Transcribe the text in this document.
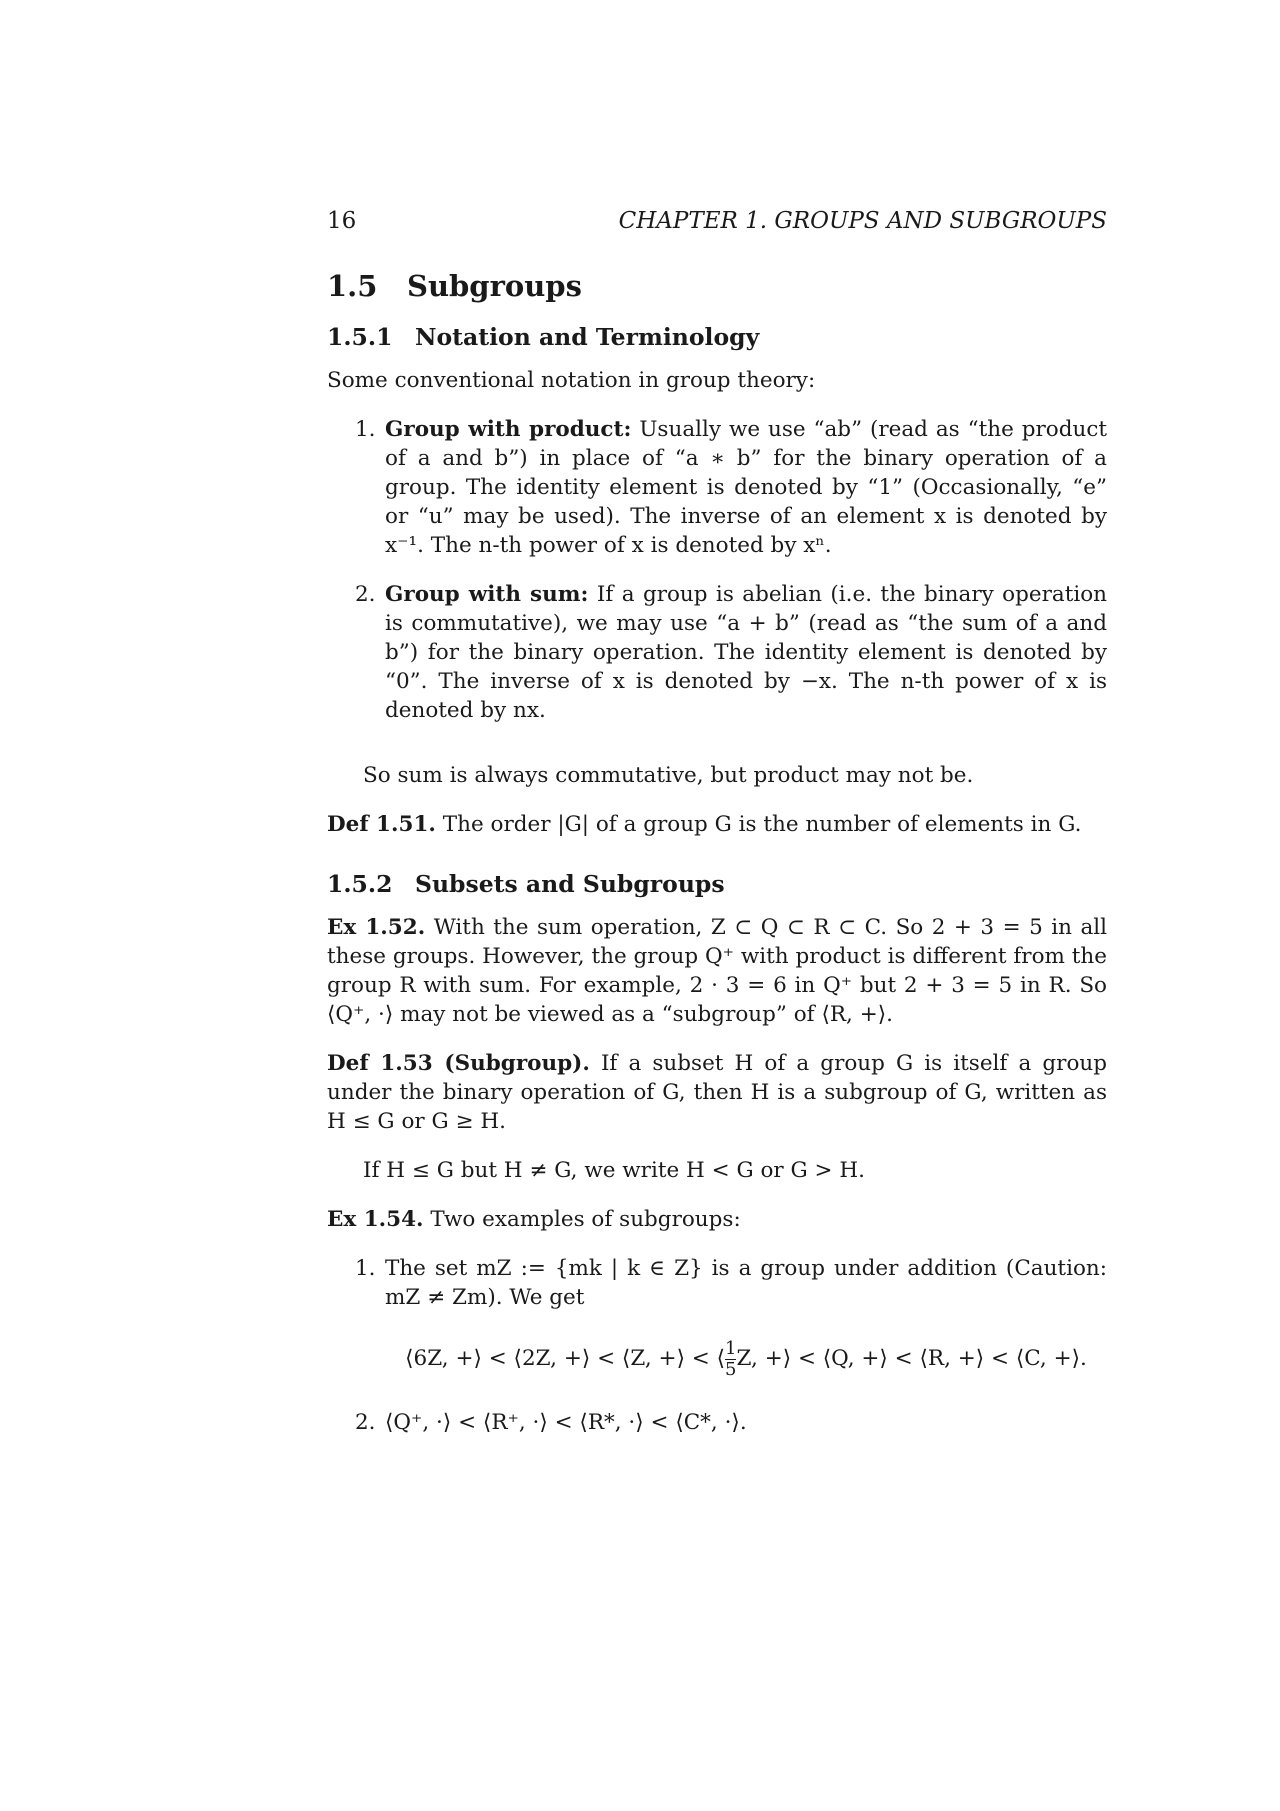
16	CHAPTER 1. GROUPS AND SUBGROUPS
1.5 Subgroups
1.5.1 Notation and Terminology

Some conventional notation in group theory:

1. Group with product: Usually we use “ab” (read as “the product of a and b”) in place of “a ∗ b” for the binary operation of a group. The identity element is denoted by “1” (Occasionally, “e” or “u” may be used). The inverse of an element x is denoted by x⁻¹. The n-th power of x is denoted by xⁿ.
2. Group with sum: If a group is abelian (i.e. the binary operation is commutative), we may use “a + b” (read as “the sum of a and b”) for the binary operation. The identity element is denoted by “0”. The inverse of x is denoted by −x. The n-th power of x is denoted by nx.

So sum is always commutative, but product may not be.

Def 1.51. The order |G| of a group G is the number of elements in G.

1.5.2 Subsets and Subgroups

Ex 1.52. With the sum operation, Z ⊂ Q ⊂ R ⊂ C. So 2 + 3 = 5 in all these groups. However, the group Q⁺ with product is different from the group R with sum. For example, 2 · 3 = 6 in Q⁺ but 2 + 3 = 5 in R. So ⟨Q⁺, ·⟩ may not be viewed as a “subgroup” of ⟨R, +⟩.

Def 1.53 (Subgroup). If a subset H of a group G is itself a group under the binary operation of G, then H is a subgroup of G, written as H ≤ G or G ≥ H.

If H ≤ G but H ≠ G, we write H < G or G > H.

Ex 1.54. Two examples of subgroups:

1. The set mZ := {mk | k ∈ Z} is a group under addition (Caution: mZ ≠ Zm). We get
⟨6Z, +⟩ < ⟨2Z, +⟩ < ⟨Z, +⟩ < ⟨ $\frac{1}{5} Z$, +⟩ < ⟨Q, +⟩ < ⟨R, +⟩ < ⟨C, +⟩.
2. ⟨Q⁺, ·⟩ < ⟨R⁺, ·⟩ < ⟨R*, ·⟩ < ⟨C*, ·⟩.
